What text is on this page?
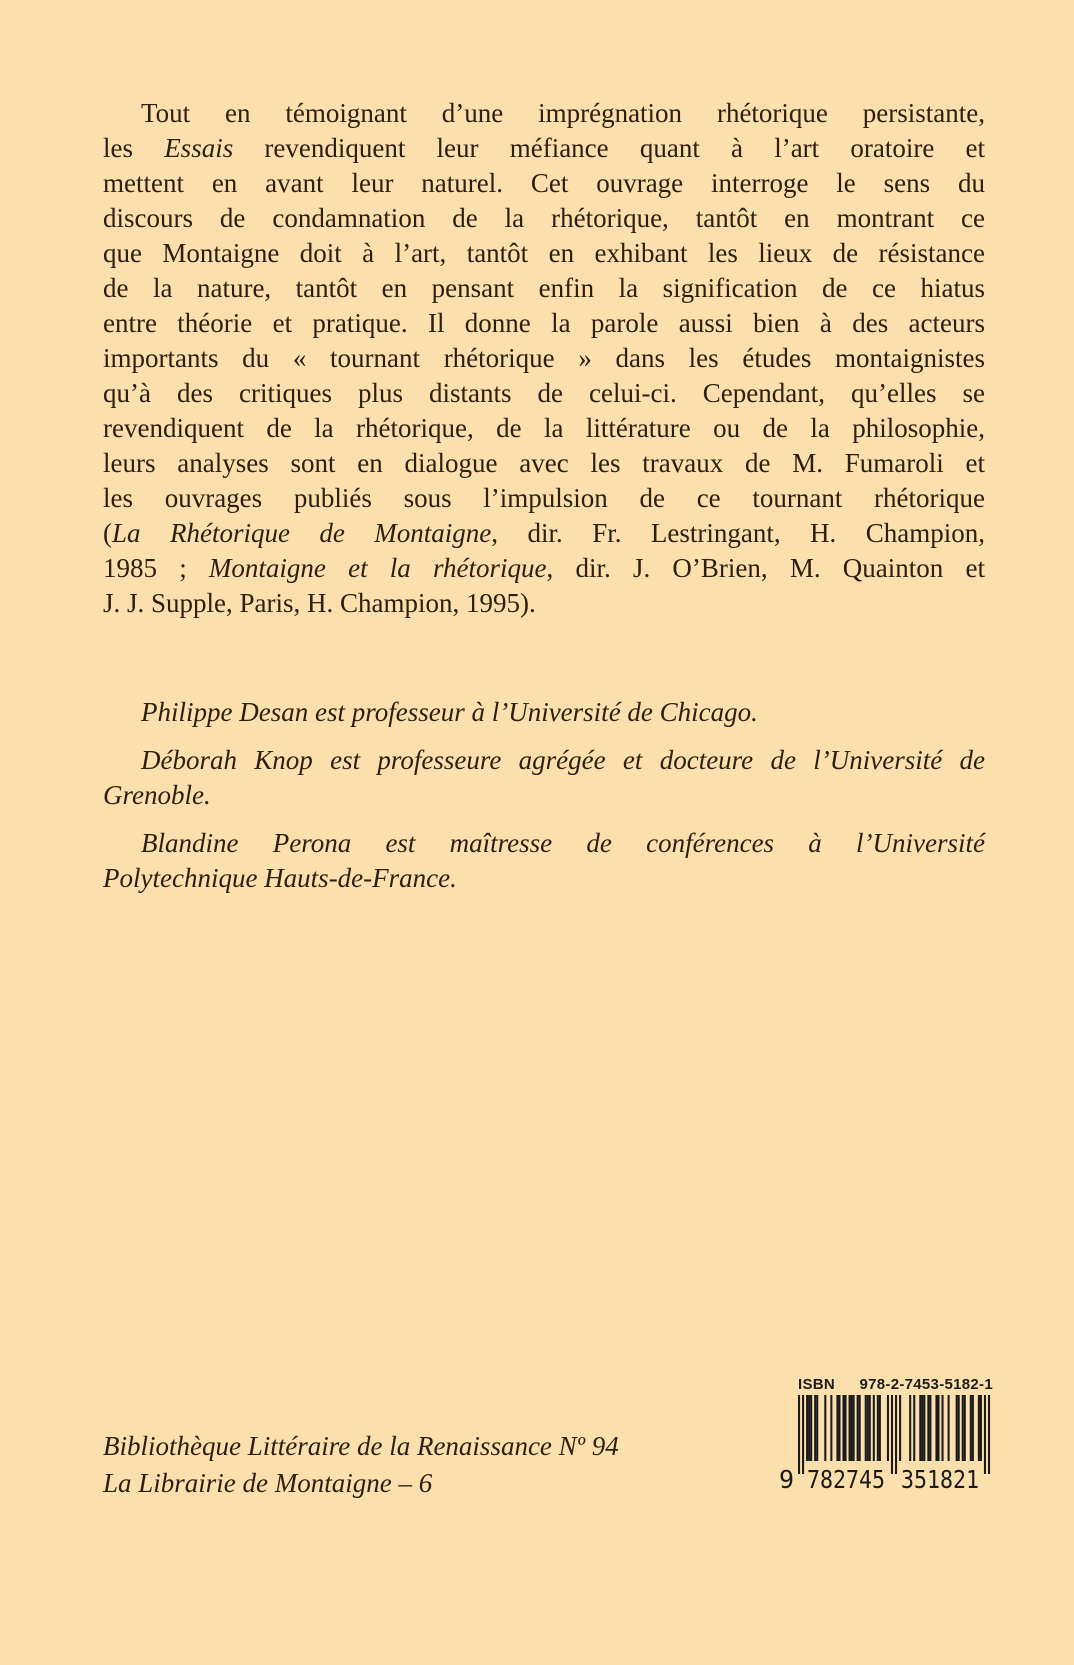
Tout en témoignant d’une imprégnation rhétorique persistante,
les Essais revendiquent leur méfiance quant à l’art oratoire et
mettent en avant leur naturel. Cet ouvrage interroge le sens du
discours de condamnation de la rhétorique, tantôt en montrant ce
que Montaigne doit à l’art, tantôt en exhibant les lieux de résistance
de la nature, tantôt en pensant enfin la signification de ce hiatus
entre théorie et pratique. Il donne la parole aussi bien à des acteurs
importants du « tournant rhétorique » dans les études montaignistes
qu’à des critiques plus distants de celui-ci. Cependant, qu’elles se
revendiquent de la rhétorique, de la littérature ou de la philosophie,
leurs analyses sont en dialogue avec les travaux de M. Fumaroli et
les ouvrages publiés sous l’impulsion de ce tournant rhétorique
(La Rhétorique de Montaigne, dir. Fr. Lestringant, H. Champion,
1985 ; Montaigne et la rhétorique, dir. J. O’Brien, M. Quainton et
J. J. Supple, Paris, H. Champion, 1995).
Philippe Desan est professeur à l’Université de Chicago.
Déborah Knop est professeure agrégée et docteure de l’Université de
Grenoble.
Blandine Perona est maîtresse de conférences à l’Université
Polytechnique Hauts-de-France.
Bibliothèque Littéraire de la Renaissance Nº 94
La Librairie de Montaigne – 6
ISBN 978-2-7453-5182-1
9 782745 351821
